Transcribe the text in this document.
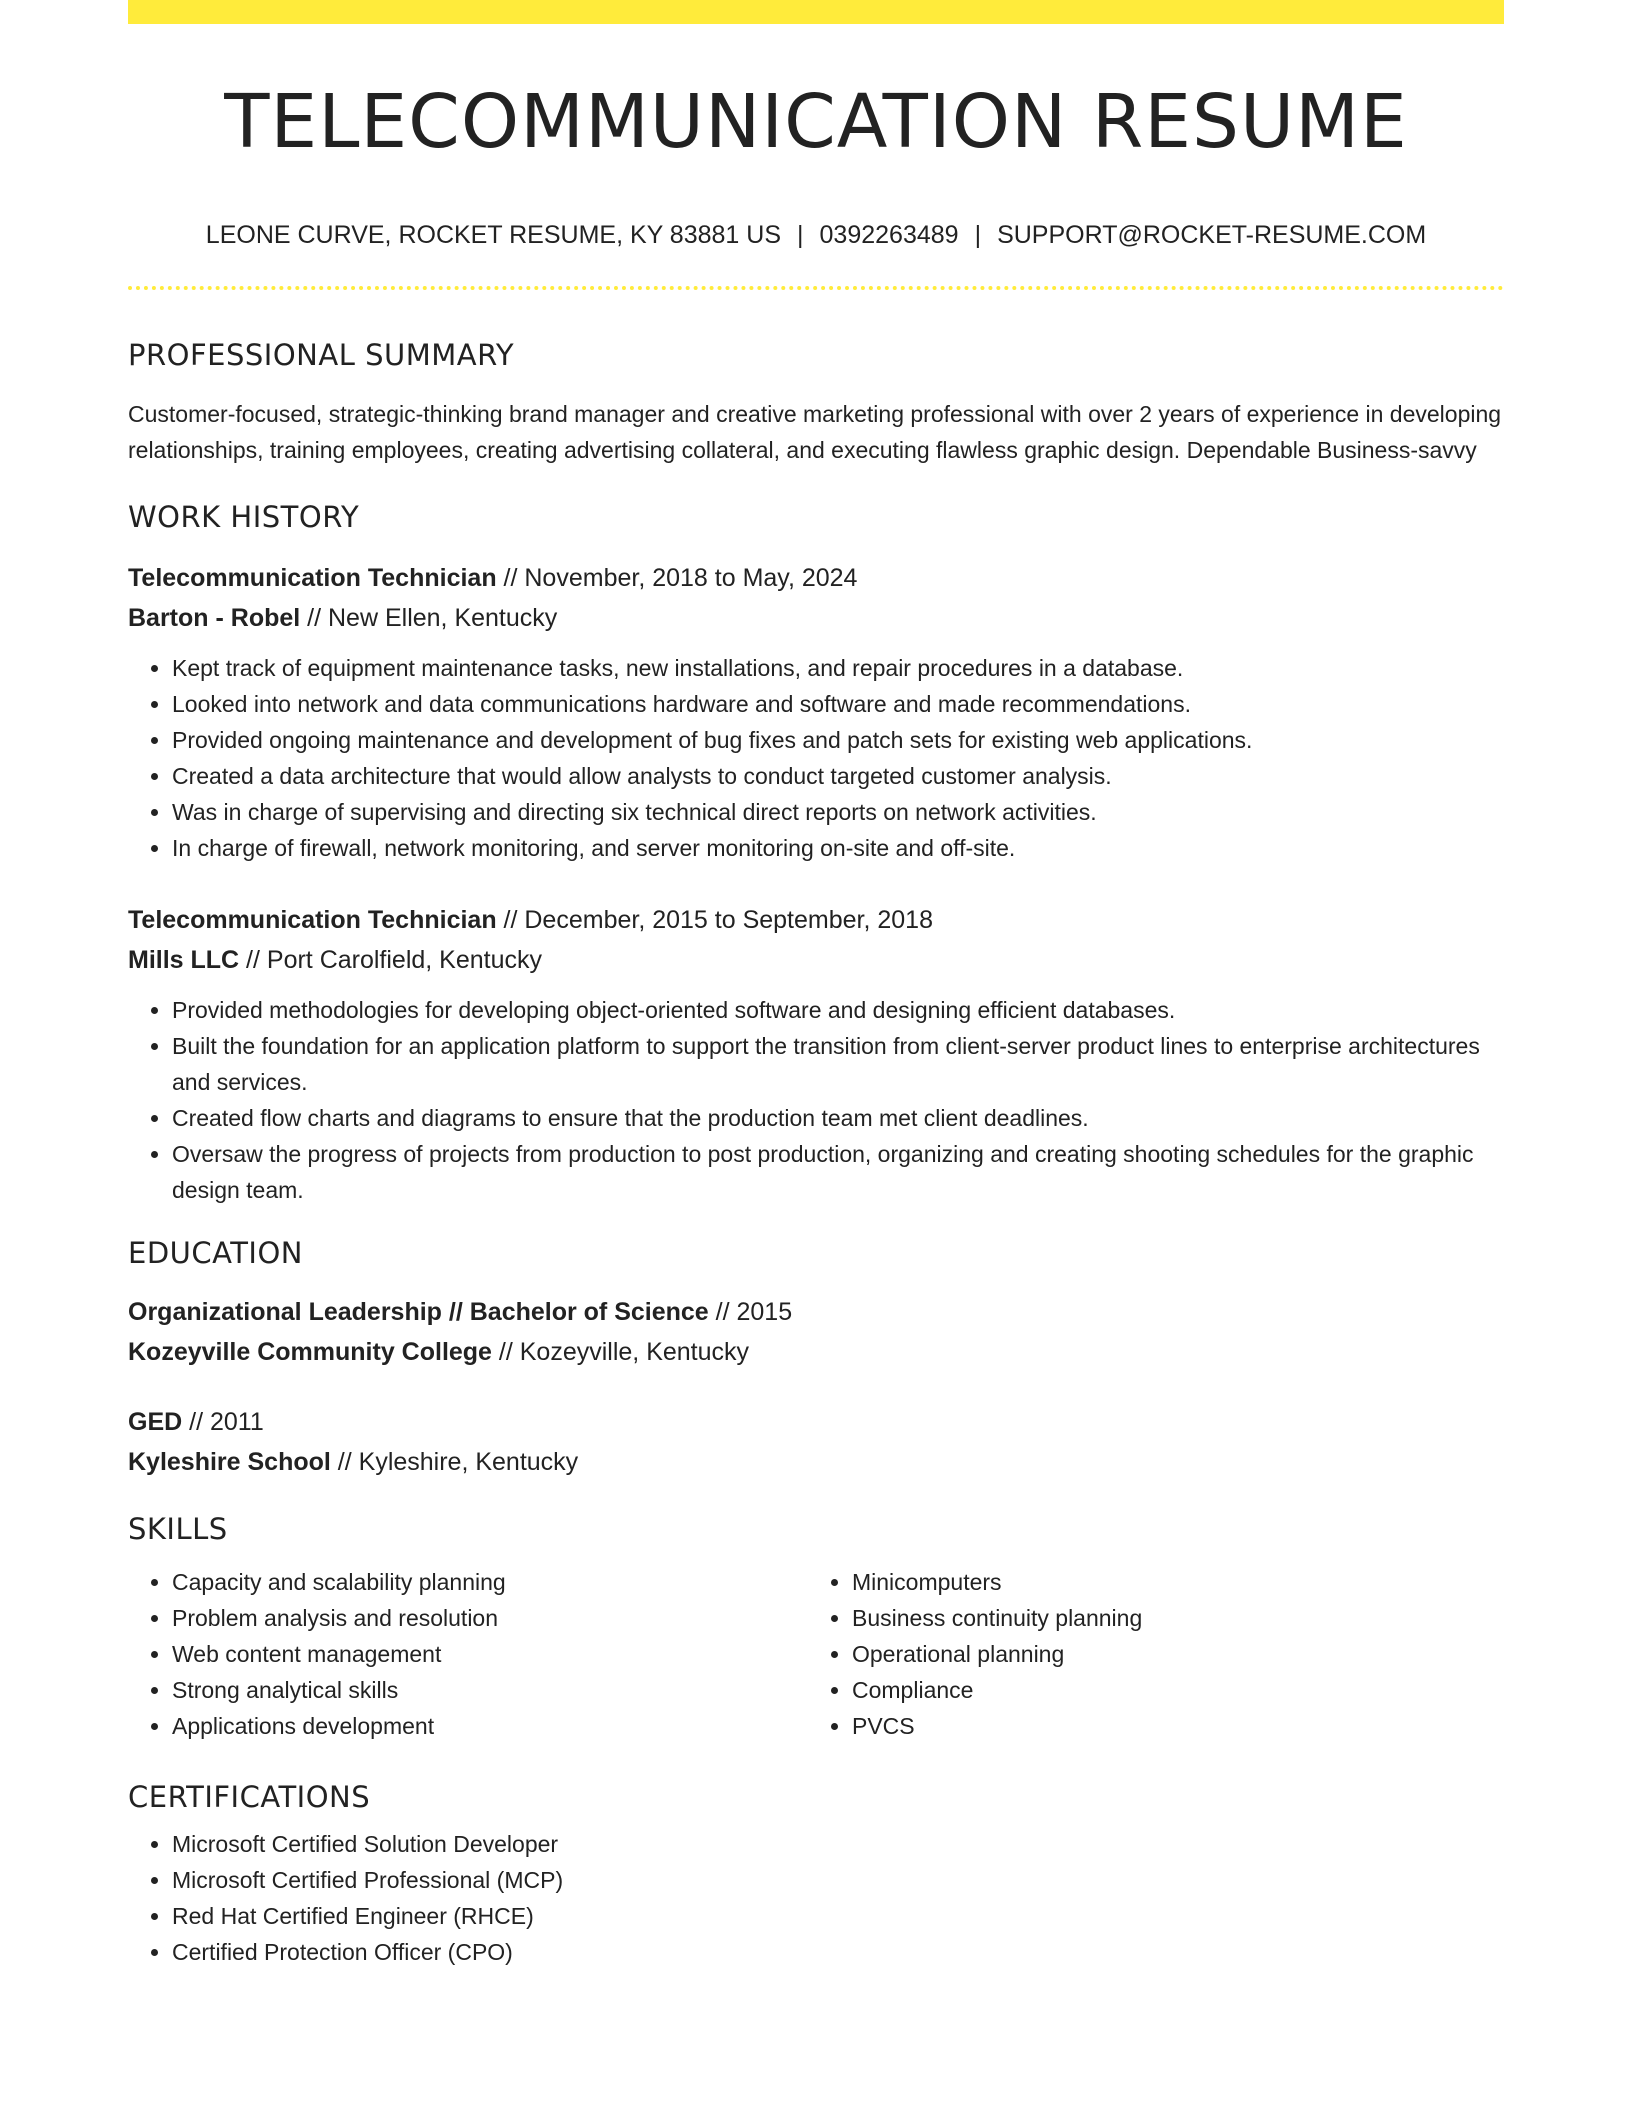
TELECOMMUNICATION RESUME
LEONE CURVE, ROCKET RESUME, KY 83881 US | 0392263489 | SUPPORT@ROCKET-RESUME.COM
PROFESSIONAL SUMMARY
Customer-focused, strategic-thinking brand manager and creative marketing professional with over 2 years of experience in developing relationships, training employees, creating advertising collateral, and executing flawless graphic design. Dependable Business-savvy
WORK HISTORY
Telecommunication Technician // November, 2018 to May, 2024
Barton - Robel // New Ellen, Kentucky
• Kept track of equipment maintenance tasks, new installations, and repair procedures in a database.
• Looked into network and data communications hardware and software and made recommendations.
• Provided ongoing maintenance and development of bug fixes and patch sets for existing web applications.
• Created a data architecture that would allow analysts to conduct targeted customer analysis.
• Was in charge of supervising and directing six technical direct reports on network activities.
• In charge of firewall, network monitoring, and server monitoring on-site and off-site.
Telecommunication Technician // December, 2015 to September, 2018
Mills LLC // Port Carolfield, Kentucky
• Provided methodologies for developing object-oriented software and designing efficient databases.
• Built the foundation for an application platform to support the transition from client-server product lines to enterprise architectures and services.
• Created flow charts and diagrams to ensure that the production team met client deadlines.
• Oversaw the progress of projects from production to post production, organizing and creating shooting schedules for the graphic design team.
EDUCATION
Organizational Leadership // Bachelor of Science // 2015
Kozeyville Community College // Kozeyville, Kentucky
GED // 2011
Kyleshire School // Kyleshire, Kentucky
SKILLS
• Capacity and scalability planning
• Problem analysis and resolution
• Web content management
• Strong analytical skills
• Applications development
• Minicomputers
• Business continuity planning
• Operational planning
• Compliance
• PVCS
CERTIFICATIONS
• Microsoft Certified Solution Developer
• Microsoft Certified Professional (MCP)
• Red Hat Certified Engineer (RHCE)
• Certified Protection Officer (CPO)
